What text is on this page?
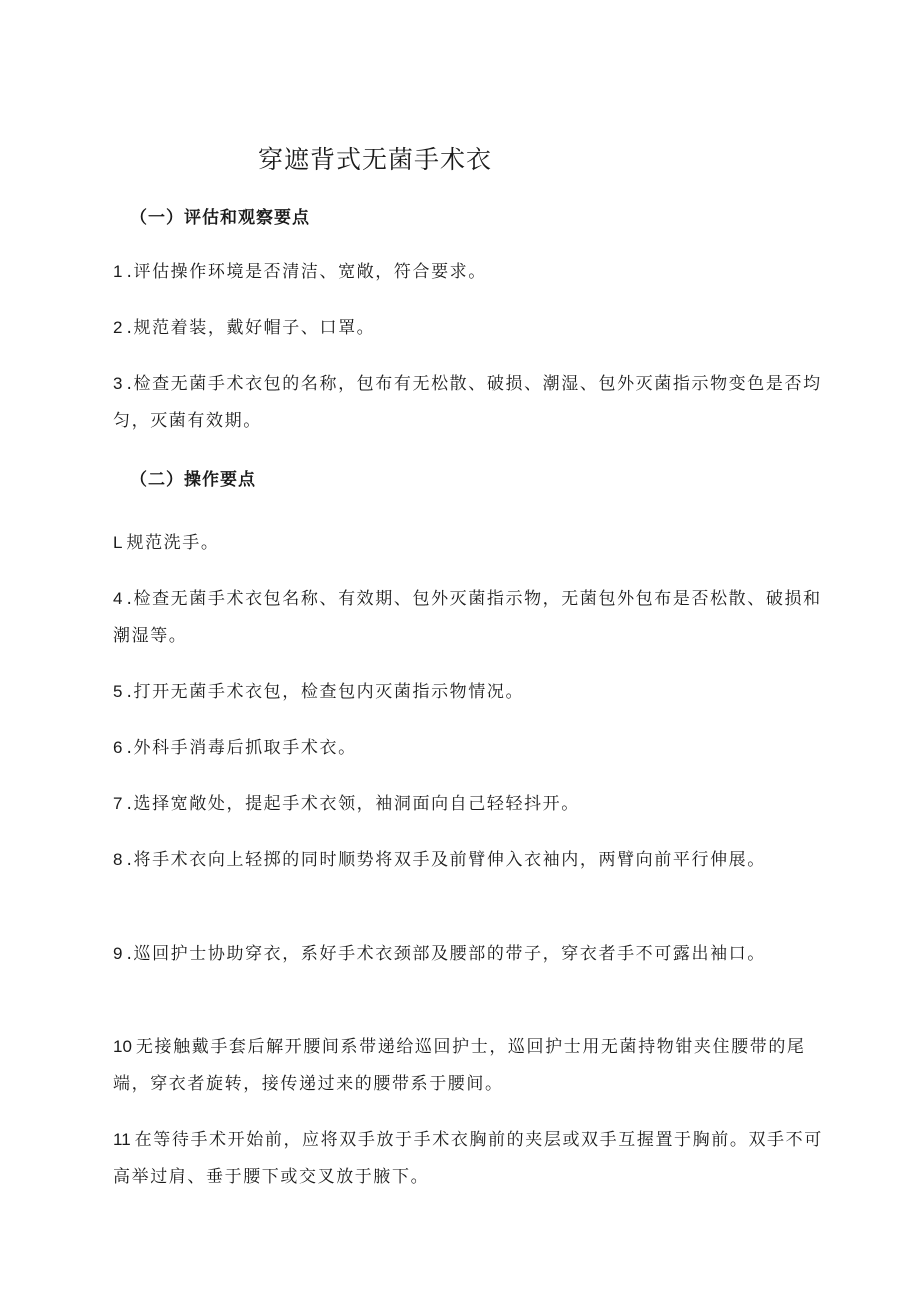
穿遮背式无菌手术衣
（一）评估和观察要点
1 .评估操作环境是否清洁、宽敞，符合要求。
2 .规范着装，戴好帽子、口罩。
3 .检查无菌手术衣包的名称，包布有无松散、破损、潮湿、包外灭菌指示物变色是否均匀，灭菌有效期。
（二）操作要点
L 规范洗手。
4 .检查无菌手术衣包名称、有效期、包外灭菌指示物，无菌包外包布是否松散、破损和潮湿等。
5 .打开无菌手术衣包，检查包内灭菌指示物情况。
6 .外科手消毒后抓取手术衣。
7 .选择宽敞处，提起手术衣领，袖洞面向自己轻轻抖开。
8 .将手术衣向上轻掷的同时顺势将双手及前臂伸入衣袖内，两臂向前平行伸展。
9 .巡回护士协助穿衣，系好手术衣颈部及腰部的带子，穿衣者手不可露出袖口。
10 无接触戴手套后解开腰间系带递给巡回护士，巡回护士用无菌持物钳夹住腰带的尾端，穿衣者旋转，接传递过来的腰带系于腰间。
11 在等待手术开始前，应将双手放于手术衣胸前的夹层或双手互握置于胸前。双手不可高举过肩、垂于腰下或交叉放于腋下。
